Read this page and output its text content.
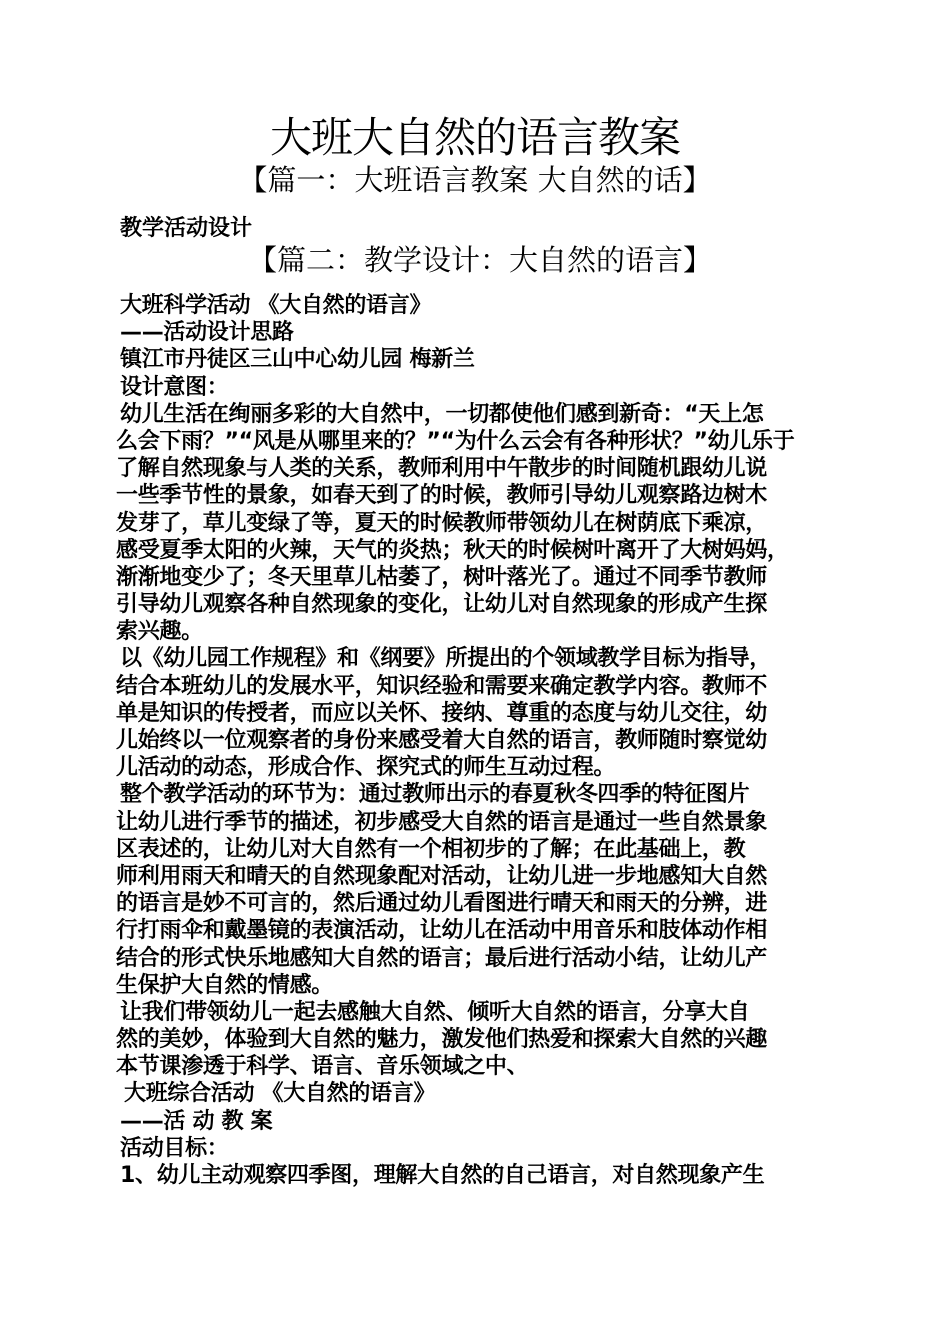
大班大自然的语言教案
【篇一：大班语言教案 大自然的话】
教学活动设计
【篇二：教学设计：大自然的语言】
大班科学活动 《大自然的语言》
——活动设计思路
镇江市丹徒区三山中心幼儿园 梅新兰
设计意图：
幼儿生活在绚丽多彩的大自然中，一切都使他们感到新奇：“天上怎
么会下雨？”“风是从哪里来的？”“为什么云会有各种形状？”幼儿乐于
了解自然现象与人类的关系，教师利用中午散步的时间随机跟幼儿说
一些季节性的景象，如春天到了的时候，教师引导幼儿观察路边树木
发芽了，草儿变绿了等，夏天的时候教师带领幼儿在树荫底下乘凉，
感受夏季太阳的火辣，天气的炎热；秋天的时候树叶离开了大树妈妈，
渐渐地变少了；冬天里草儿枯萎了，树叶落光了。通过不同季节教师
引导幼儿观察各种自然现象的变化，让幼儿对自然现象的形成产生探
索兴趣。
以《幼儿园工作规程》和《纲要》所提出的个领域教学目标为指导，
结合本班幼儿的发展水平，知识经验和需要来确定教学内容。教师不
单是知识的传授者，而应以关怀、接纳、尊重的态度与幼儿交往，幼
儿始终以一位观察者的身份来感受着大自然的语言，教师随时察觉幼
儿活动的动态，形成合作、探究式的师生互动过程。
整个教学活动的环节为：通过教师出示的春夏秋冬四季的特征图片
让幼儿进行季节的描述，初步感受大自然的语言是通过一些自然景象
区表述的，让幼儿对大自然有一个相初步的了解；在此基础上，教
师利用雨天和晴天的自然现象配对活动，让幼儿进一步地感知大自然
的语言是妙不可言的，然后通过幼儿看图进行晴天和雨天的分辨，进
行打雨伞和戴墨镜的表演活动，让幼儿在活动中用音乐和肢体动作相
结合的形式快乐地感知大自然的语言；最后进行活动小结，让幼儿产
生保护大自然的情感。
让我们带领幼儿一起去感触大自然、倾听大自然的语言，分享大自
然的美妙，体验到大自然的魅力，激发他们热爱和探索大自然的兴趣
本节课渗透于科学、语言、音乐领域之中、
大班综合活动 《大自然的语言》
——活 动 教 案
活动目标：
1、幼儿主动观察四季图，理解大自然的自己语言，对自然现象产生
